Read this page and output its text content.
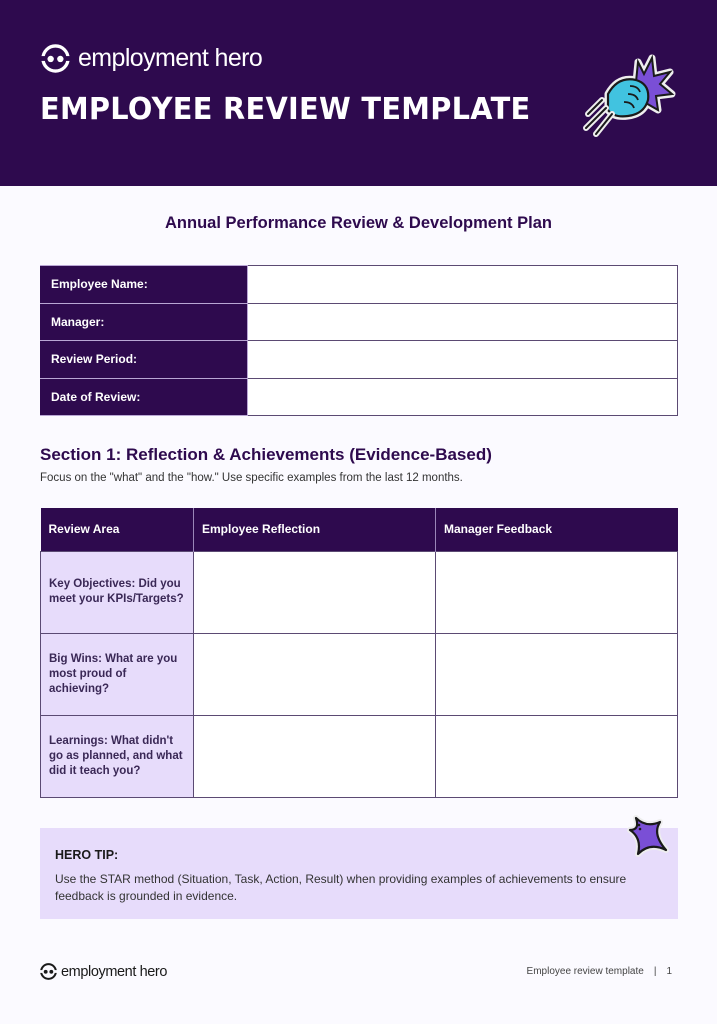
employment hero
EMPLOYEE REVIEW TEMPLATE
Annual Performance Review & Development Plan
Employee Name:	
Manager:	
Review Period:	
Date of Review:	
Section 1: Reflection & Achievements (Evidence-Based)
Focus on the "what" and the "how." Use specific examples from the last 12 months.
Review Area	Employee Reflection	Manager Feedback
Key Objectives: Did you meet your KPIs/Targets?		
Big Wins: What are you most proud of achieving?		
Learnings: What didn't go as planned, and what did it teach you?		
HERO TIP:
Use the STAR method (Situation, Task, Action, Result) when providing examples of achievements to ensure feedback is grounded in evidence.
employment hero	Employee review template | 1
